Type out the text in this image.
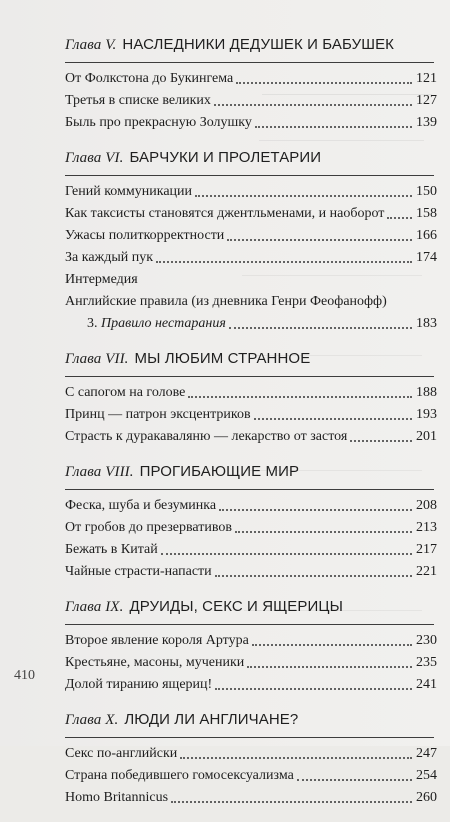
Глава V. НАСЛЕДНИКИ ДЕДУШЕК И БАБУШЕК
От Фолкстона до Букингема	121
Третья в списке великих	127
Быль про прекрасную Золушку	139
Глава VI. БАРЧУКИ И ПРОЛЕТАРИИ
Гений коммуникации	150
Как таксисты становятся джентльменами, и наоборот 158
Ужасы политкорректности	166
За каждый пук	174
Интермедия
Английские правила (из дневника Генри Феофанофф)
3. Правило нестарания	183
Глава VII. МЫ ЛЮБИМ СТРАННОЕ
С сапогом на голове	188
Принц — патрон эксцентриков	193
Страсть к дуракаваляню — лекарство от застоя	201
Глава VIII. ПРОГИБАЮЩИЕ МИР
Феска, шуба и безуминка	208
От гробов до презервативов	213
Бежать в Китай	217
Чайные страсти-напасти	221
Глава IX. ДРУИДЫ, СЕКС И ЯЩЕРИЦЫ
Второе явление короля Артура	230
Крестьяне, масоны, мученики	235
Долой тиранию ящериц!	241
Глава X. ЛЮДИ ЛИ АНГЛИЧАНЕ?
Секс по-английски	247
Страна победившего гомосексуализма	254
Homo Britannicus	260
410
